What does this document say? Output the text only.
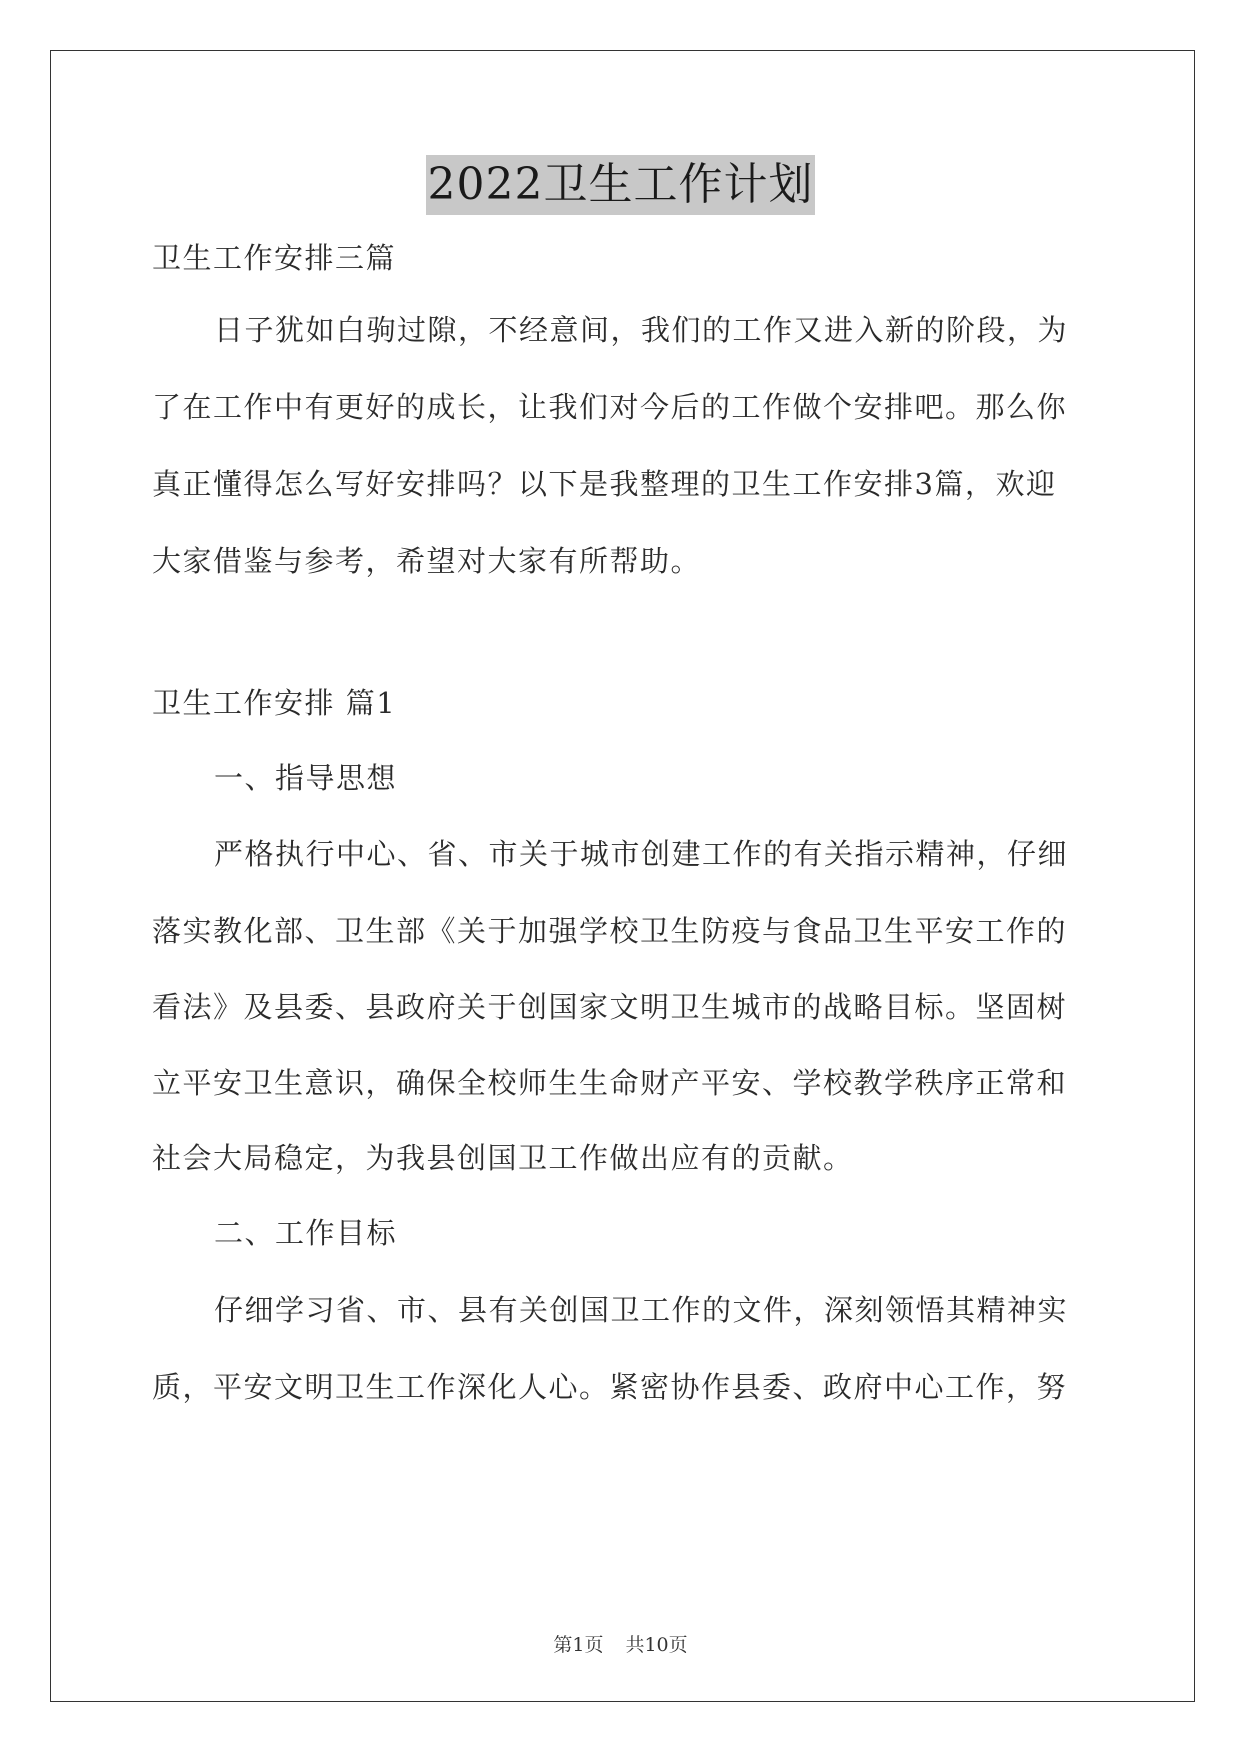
2022卫生工作计划
卫生工作安排三篇
日子犹如白驹过隙，不经意间，我们的工作又进入新的阶段，为
了在工作中有更好的成长，让我们对今后的工作做个安排吧。那么你
真正懂得怎么写好安排吗？以下是我整理的卫生工作安排3篇，欢迎
大家借鉴与参考，希望对大家有所帮助。
卫生工作安排 篇1
一、指导思想
严格执行中心、省、市关于城市创建工作的有关指示精神，仔细
落实教化部、卫生部《关于加强学校卫生防疫与食品卫生平安工作的
看法》及县委、县政府关于创国家文明卫生城市的战略目标。坚固树
立平安卫生意识，确保全校师生生命财产平安、学校教学秩序正常和
社会大局稳定，为我县创国卫工作做出应有的贡献。
二、工作目标
仔细学习省、市、县有关创国卫工作的文件，深刻领悟其精神实
质，平安文明卫生工作深化人心。紧密协作县委、政府中心工作，努
第1页 共10页
